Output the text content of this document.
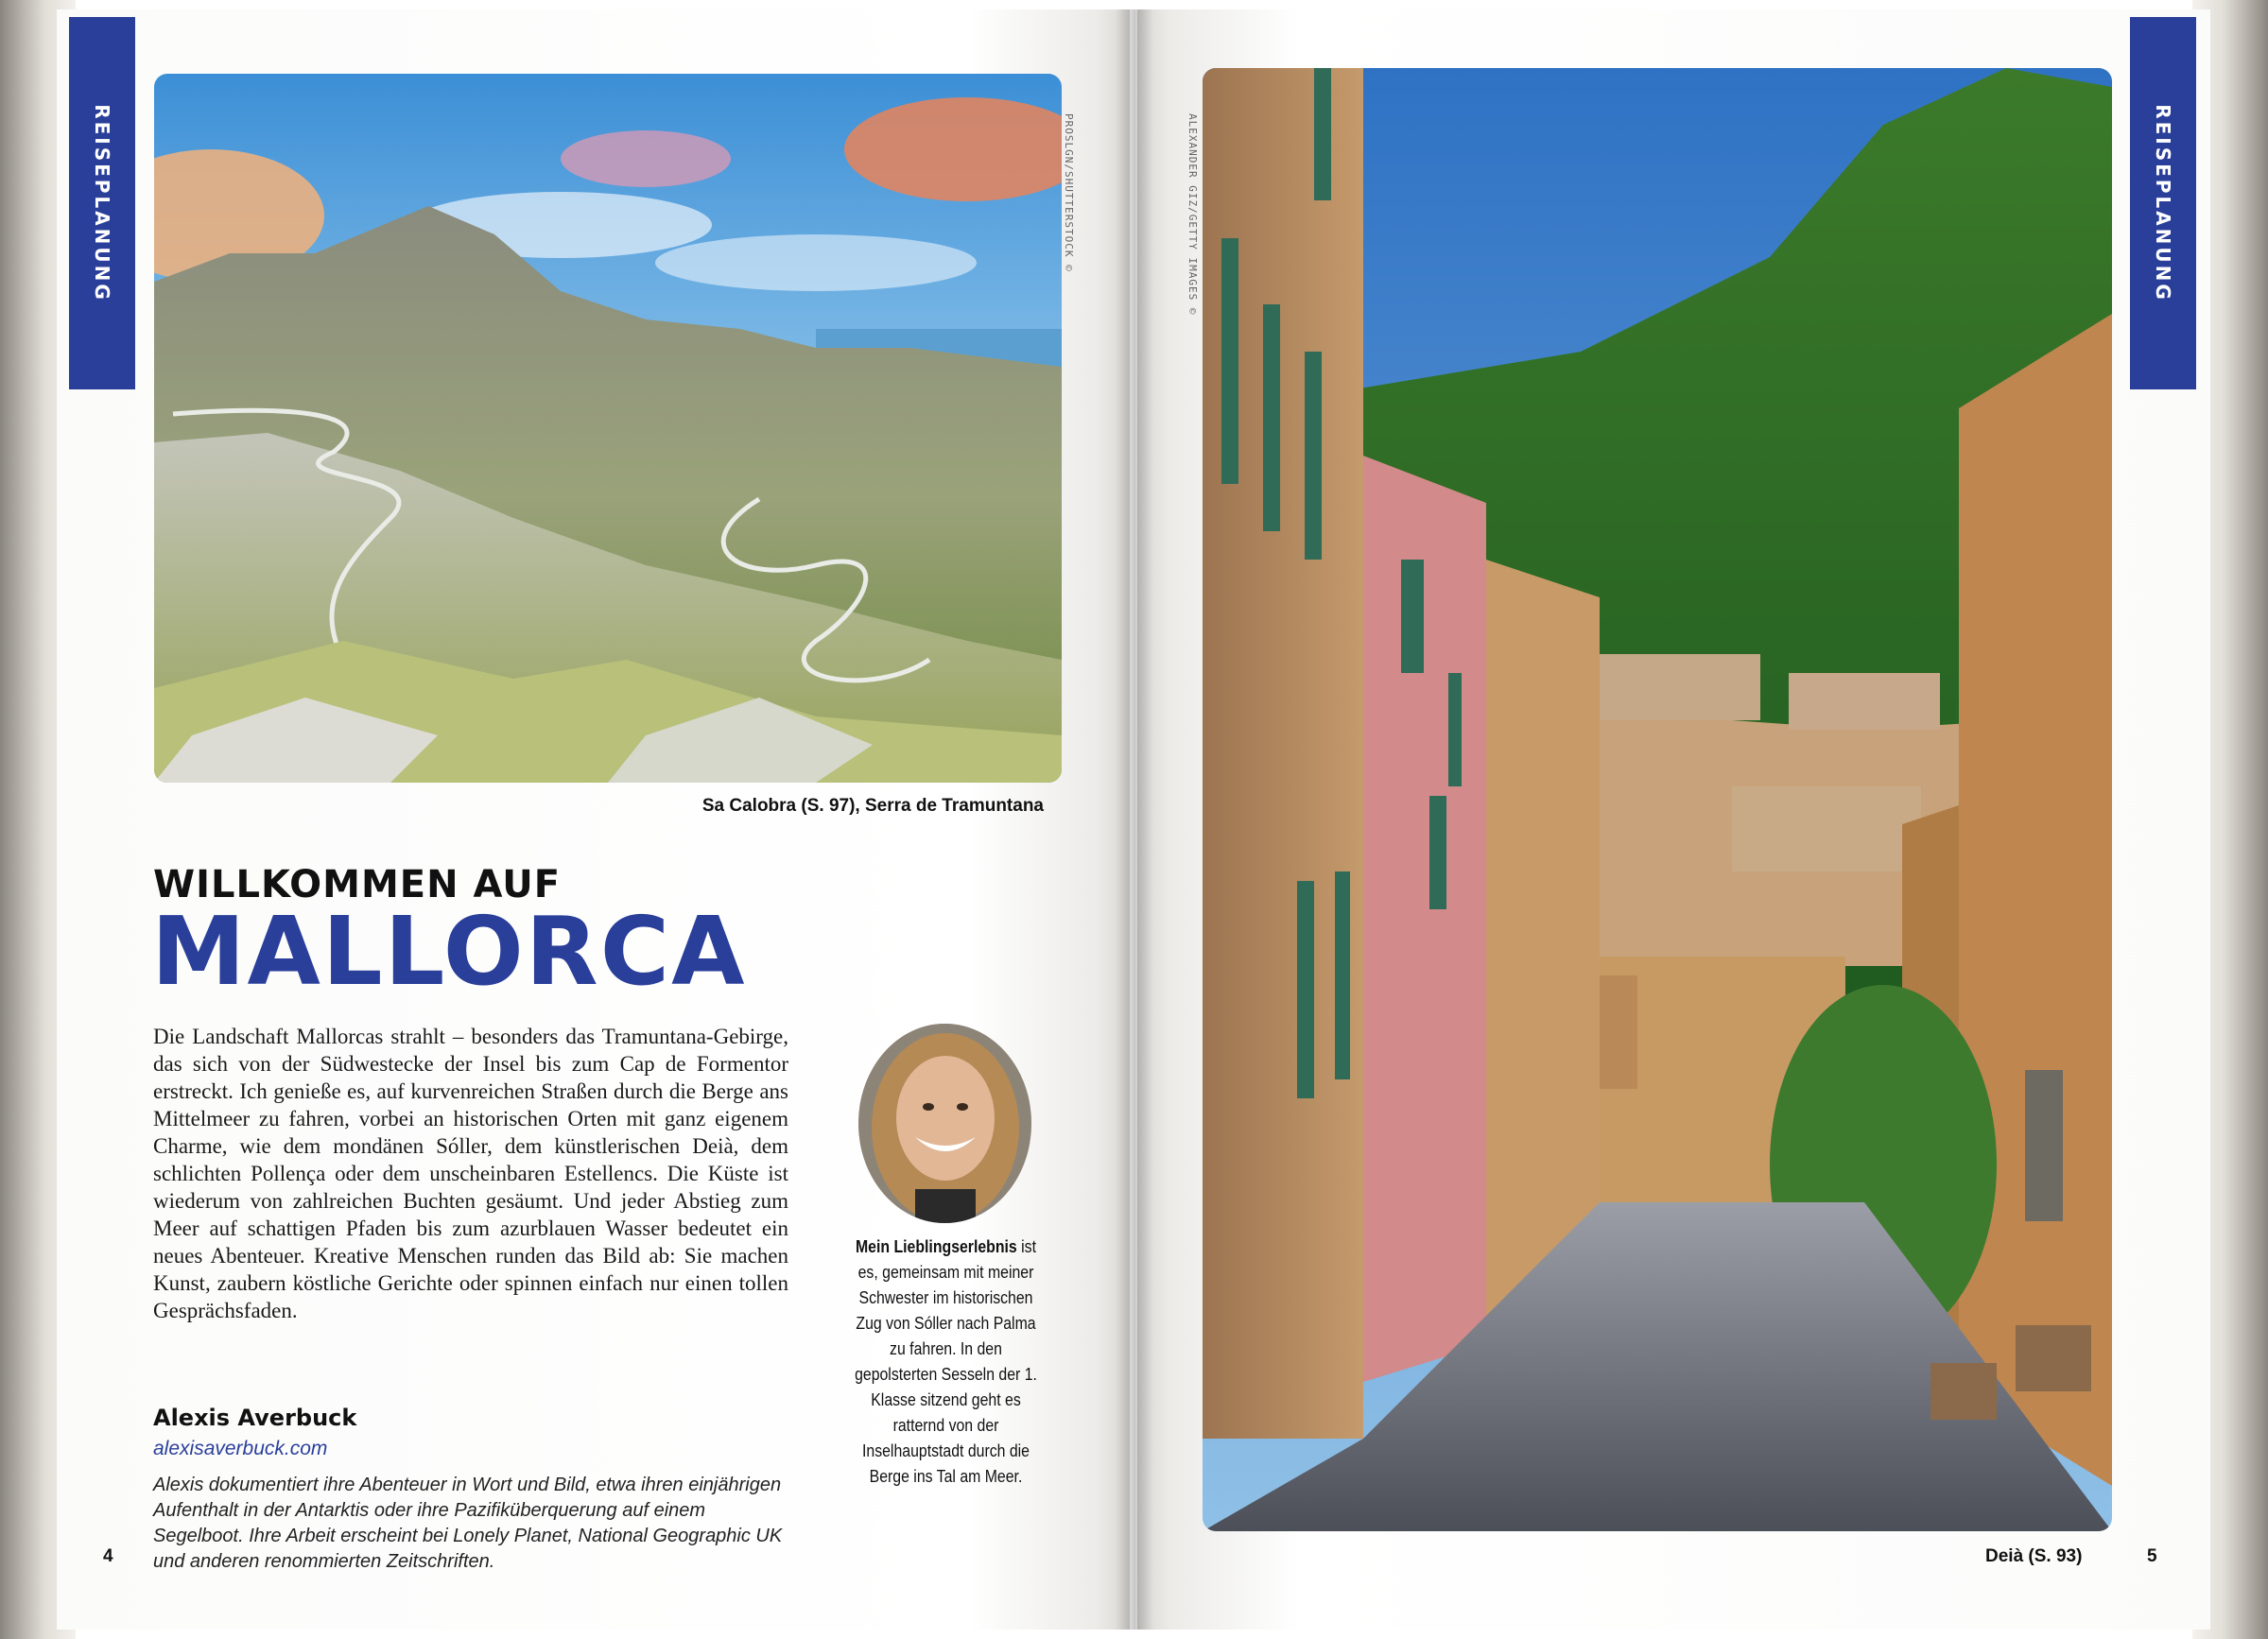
REISEPLANUNG	REISEPLANUNG
PROSLGN/SHUTTERSTOCK ©
Sa Calobra (S. 97), Serra de Tramuntana
WILLKOMMEN AUF
MALLORCA

Die Landschaft Mallorcas strahlt – besonders das Tramuntana-Gebirge, das sich von der Südwestecke der Insel bis zum Cap de Formentor erstreckt. Ich genieße es, auf kurvenreichen Straßen durch die Berge ans Mittelmeer zu fahren, vorbei an historischen Orten mit ganz eigenem Charme, wie dem mondänen Sóller, dem künstlerischen Deià, dem schlichten Pollença oder dem unscheinbaren Estellencs. Die Küste ist wiederum von zahlreichen Buchten gesäumt. Und jeder Abstieg zum Meer auf schattigen Pfaden bis zum azurblauen Wasser bedeutet ein neues Abenteuer. Kreative Menschen runden das Bild ab: Sie machen Kunst, zaubern köstliche Gerichte oder spinnen einfach nur einen tollen Gesprächsfaden.

Alexis Averbuck
alexisaverbuck.com

Alexis dokumentiert ihre Abenteuer in Wort und Bild, etwa ihren einjährigen Aufenthalt in der Antarktis oder ihre Pazifiküberquerung auf einem Segelboot. Ihre Arbeit erscheint bei Lonely Planet, National Geographic UK und anderen renommierten Zeitschriften.

Mein Lieblingserlebnis ist es, gemeinsam mit meiner Schwester im historischen Zug von Sóller nach Palma zu fahren. In den gepolsterten Sesseln der 1. Klasse sitzend geht es ratternd von der Inselhauptstadt durch die Berge ins Tal am Meer.

4
ALEXANDER GIZ/GETTY IMAGES ©
Deià (S. 93)	5
